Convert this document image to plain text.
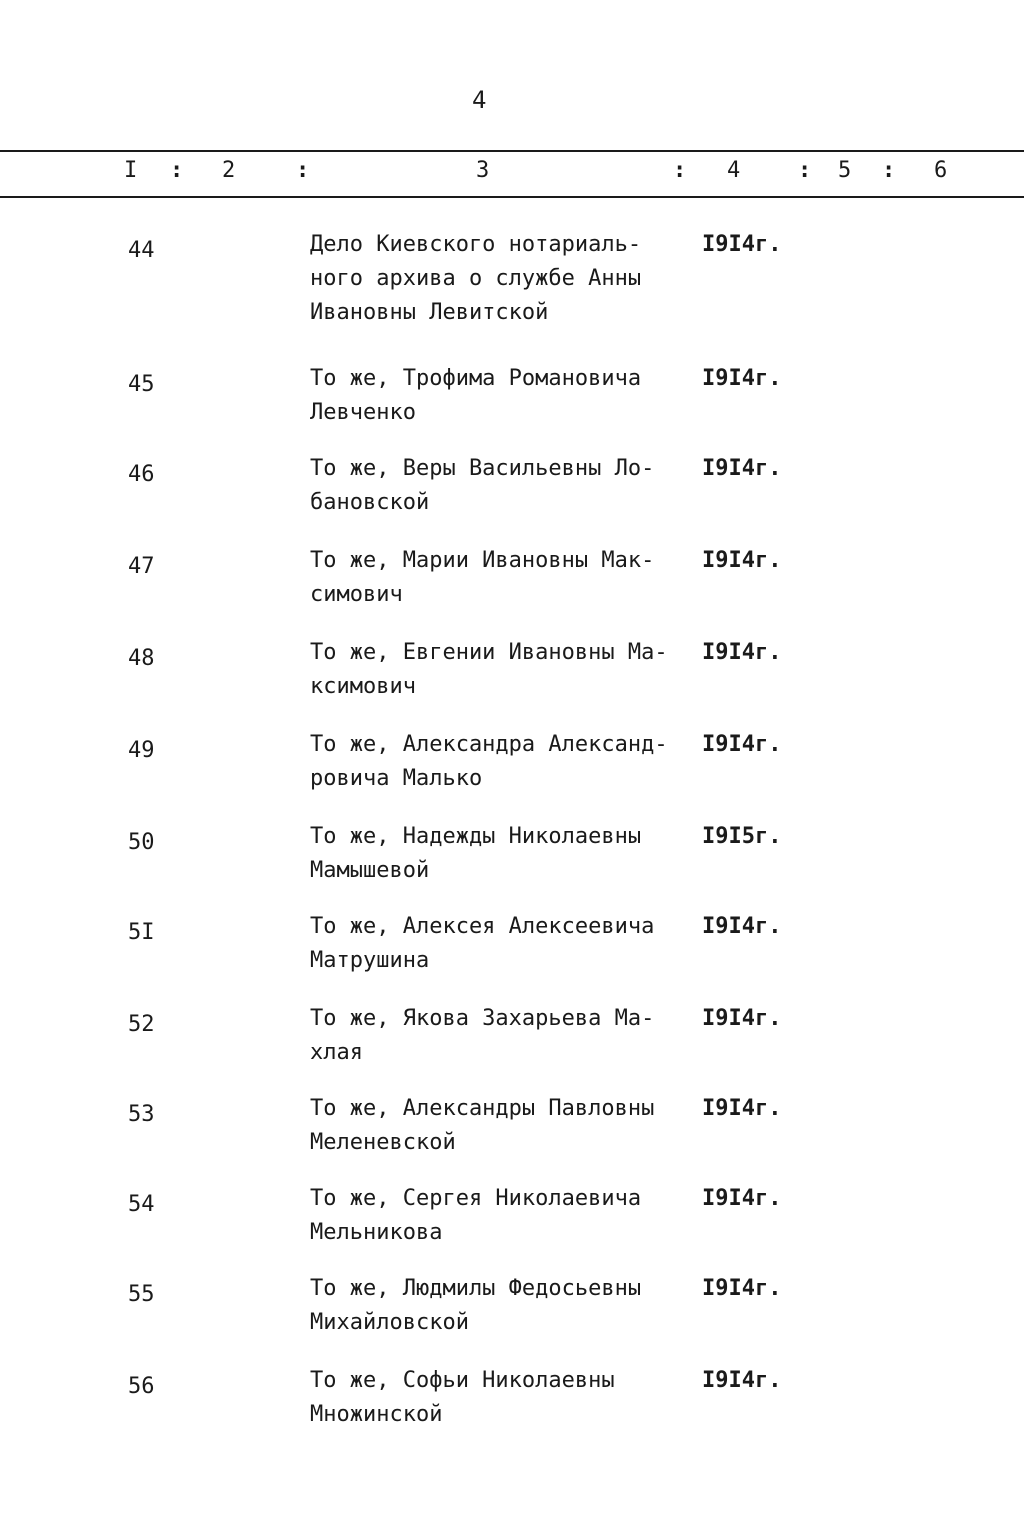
4
I : 2	:	3	: 4	: 5 : 6
44	Дело Киевского нотариаль-
ного архива о службе Анны
Ивановны Левитской
I9I4г.
45	То же, Трофима Романовича
Левченко
I9I4г.
46	То же, Веры Васильевны Ло-
бановской
I9I4г.
47	То же, Марии Ивановны Мак-
симович
I9I4г.
48	То же, Евгении Ивановны Ма-
ксимович
I9I4г.
49	То же, Александра Александ-
ровича Малько
I9I4г.
50	То же, Надежды Николаевны
Мамышевой
I9I5г.
5I	То же, Алексея Алексеевича
Матрушина
I9I4г.
52	То же, Якова Захарьева Ма-
хлая
I9I4г.
53	То же, Александры Павловны
Меленевской
I9I4г.
54	То же, Сергея Николаевича
Мельникова
I9I4г.
55	То же, Людмилы Федосьевны
Михайловской
I9I4г.
56	То же, Софьи Николаевны
Множинской
I9I4г.
